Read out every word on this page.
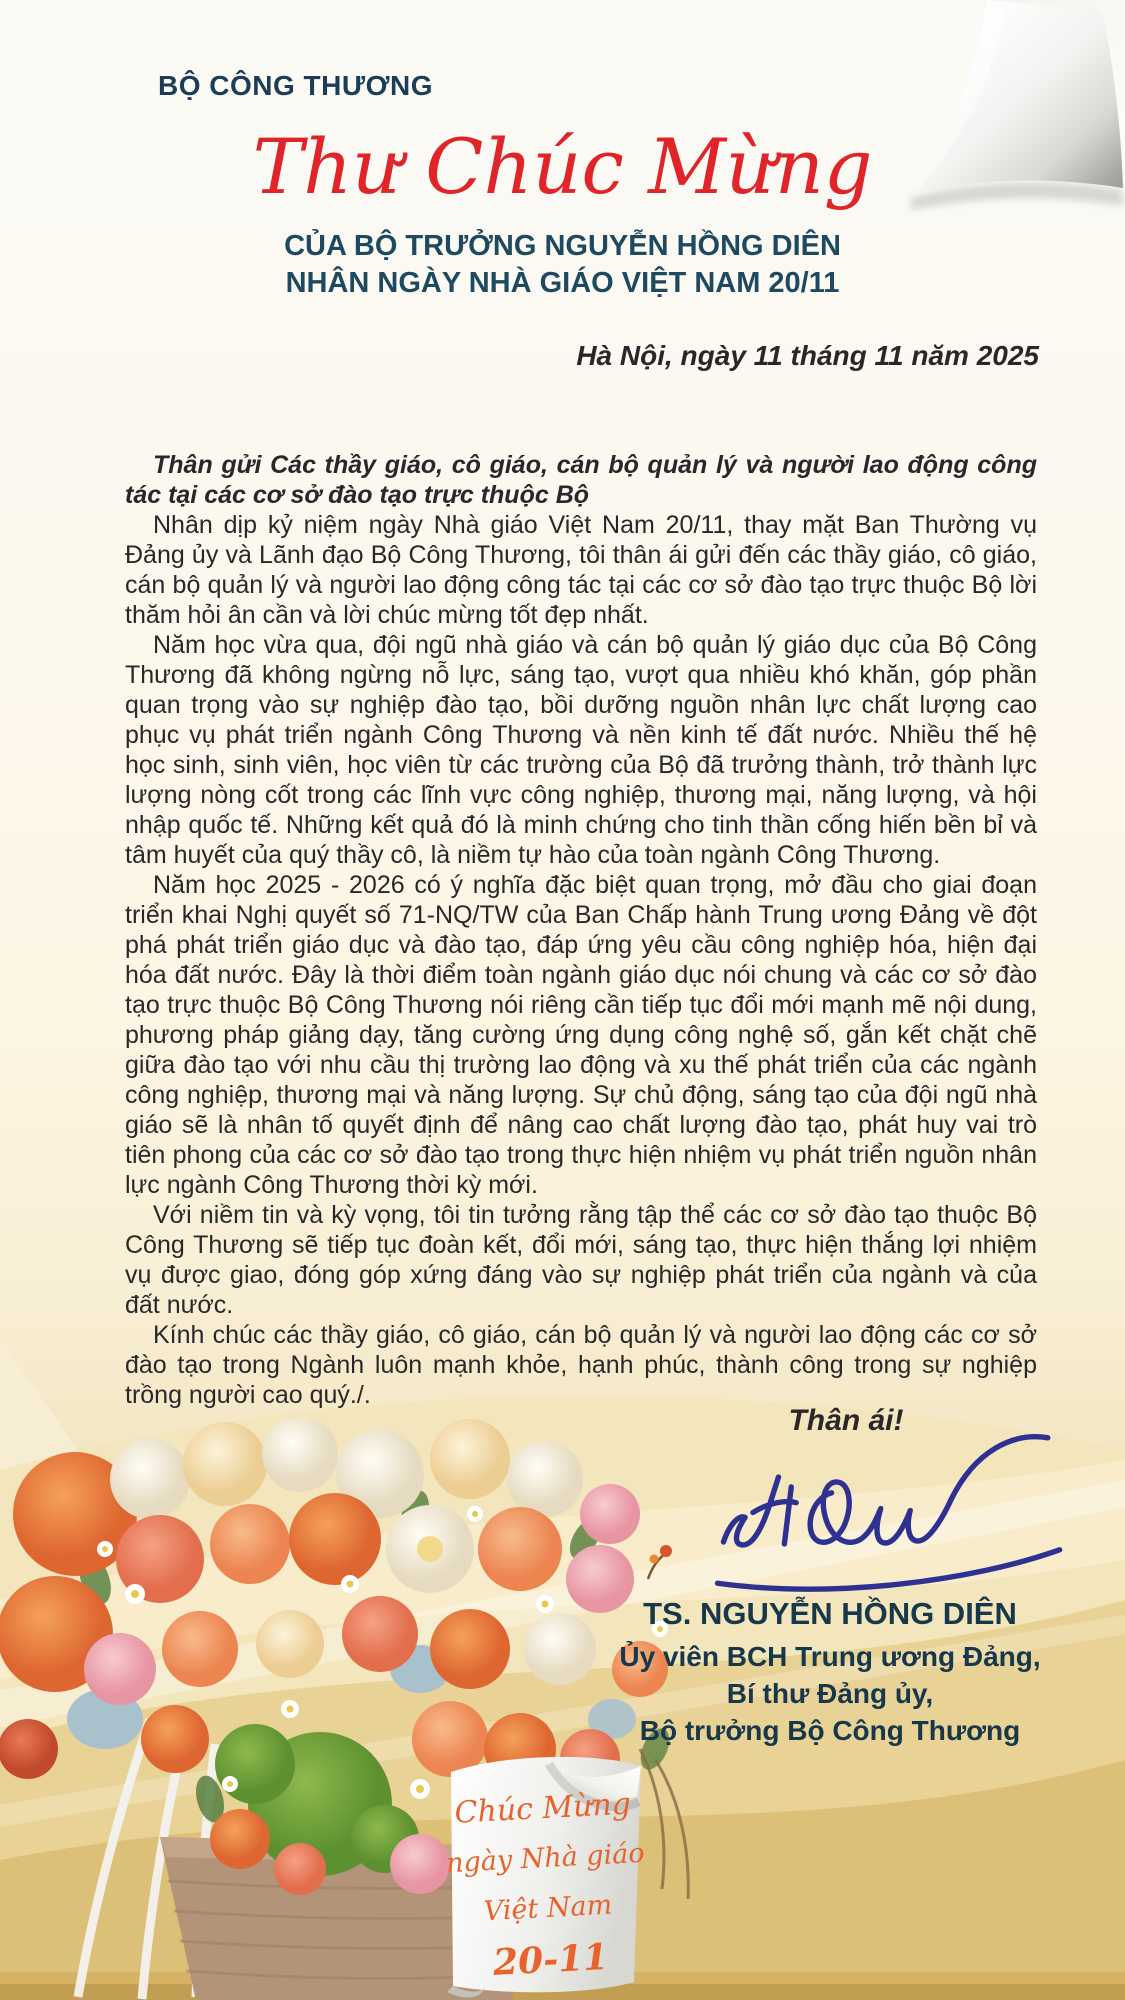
Chúc Mừng
ngày Nhà giáo
Việt Nam
20-11
BỘ CÔNG THƯƠNG
Thư Chúc Mừng
CỦA BỘ TRƯỞNG NGUYỄN HỒNG DIÊN
NHÂN NGÀY NHÀ GIÁO VIỆT NAM 20/11
Hà Nội, ngày 11 tháng 11 năm 2025

Thân gửi Các thầy giáo, cô giáo, cán bộ quản lý và người lao động công tác tại các cơ sở đào tạo trực thuộc Bộ

Nhân dịp kỷ niệm ngày Nhà giáo Việt Nam 20/11, thay mặt Ban Thường vụ Đảng ủy và Lãnh đạo Bộ Công Thương, tôi thân ái gửi đến các thầy giáo, cô giáo, cán bộ quản lý và người lao động công tác tại các cơ sở đào tạo trực thuộc Bộ lời thăm hỏi ân cần và lời chúc mừng tốt đẹp nhất.

Năm học vừa qua, đội ngũ nhà giáo và cán bộ quản lý giáo dục của Bộ Công Thương đã không ngừng nỗ lực, sáng tạo, vượt qua nhiều khó khăn, góp phần quan trọng vào sự nghiệp đào tạo, bồi dưỡng nguồn nhân lực chất lượng cao phục vụ phát triển ngành Công Thương và nền kinh tế đất nước. Nhiều thế hệ học sinh, sinh viên, học viên từ các trường của Bộ đã trưởng thành, trở thành lực lượng nòng cốt trong các lĩnh vực công nghiệp, thương mại, năng lượng, và hội nhập quốc tế. Những kết quả đó là minh chứng cho tinh thần cống hiến bền bỉ và tâm huyết của quý thầy cô, là niềm tự hào của toàn ngành Công Thương.

Năm học 2025 - 2026 có ý nghĩa đặc biệt quan trọng, mở đầu cho giai đoạn triển khai Nghị quyết số 71-NQ/TW của Ban Chấp hành Trung ương Đảng về đột phá phát triển giáo dục và đào tạo, đáp ứng yêu cầu công nghiệp hóa, hiện đại hóa đất nước. Đây là thời điểm toàn ngành giáo dục nói chung và các cơ sở đào tạo trực thuộc Bộ Công Thương nói riêng cần tiếp tục đổi mới mạnh mẽ nội dung, phương pháp giảng dạy, tăng cường ứng dụng công nghệ số, gắn kết chặt chẽ giữa đào tạo với nhu cầu thị trường lao động và xu thế phát triển của các ngành công nghiệp, thương mại và năng lượng. Sự chủ động, sáng tạo của đội ngũ nhà giáo sẽ là nhân tố quyết định để nâng cao chất lượng đào tạo, phát huy vai trò tiên phong của các cơ sở đào tạo trong thực hiện nhiệm vụ phát triển nguồn nhân lực ngành Công Thương thời kỳ mới.

Với niềm tin và kỳ vọng, tôi tin tưởng rằng tập thể các cơ sở đào tạo thuộc Bộ Công Thương sẽ tiếp tục đoàn kết, đổi mới, sáng tạo, thực hiện thắng lợi nhiệm vụ được giao, đóng góp xứng đáng vào sự nghiệp phát triển của ngành và của đất nước.

Kính chúc các thầy giáo, cô giáo, cán bộ quản lý và người lao động các cơ sở đào tạo trong Ngành luôn mạnh khỏe, hạnh phúc, thành công trong sự nghiệp trồng người cao quý./.

Thân ái!
TS. NGUYỄN HỒNG DIÊN
Ủy viên BCH Trung ương Đảng,
Bí thư Đảng ủy,
Bộ trưởng Bộ Công Thương
